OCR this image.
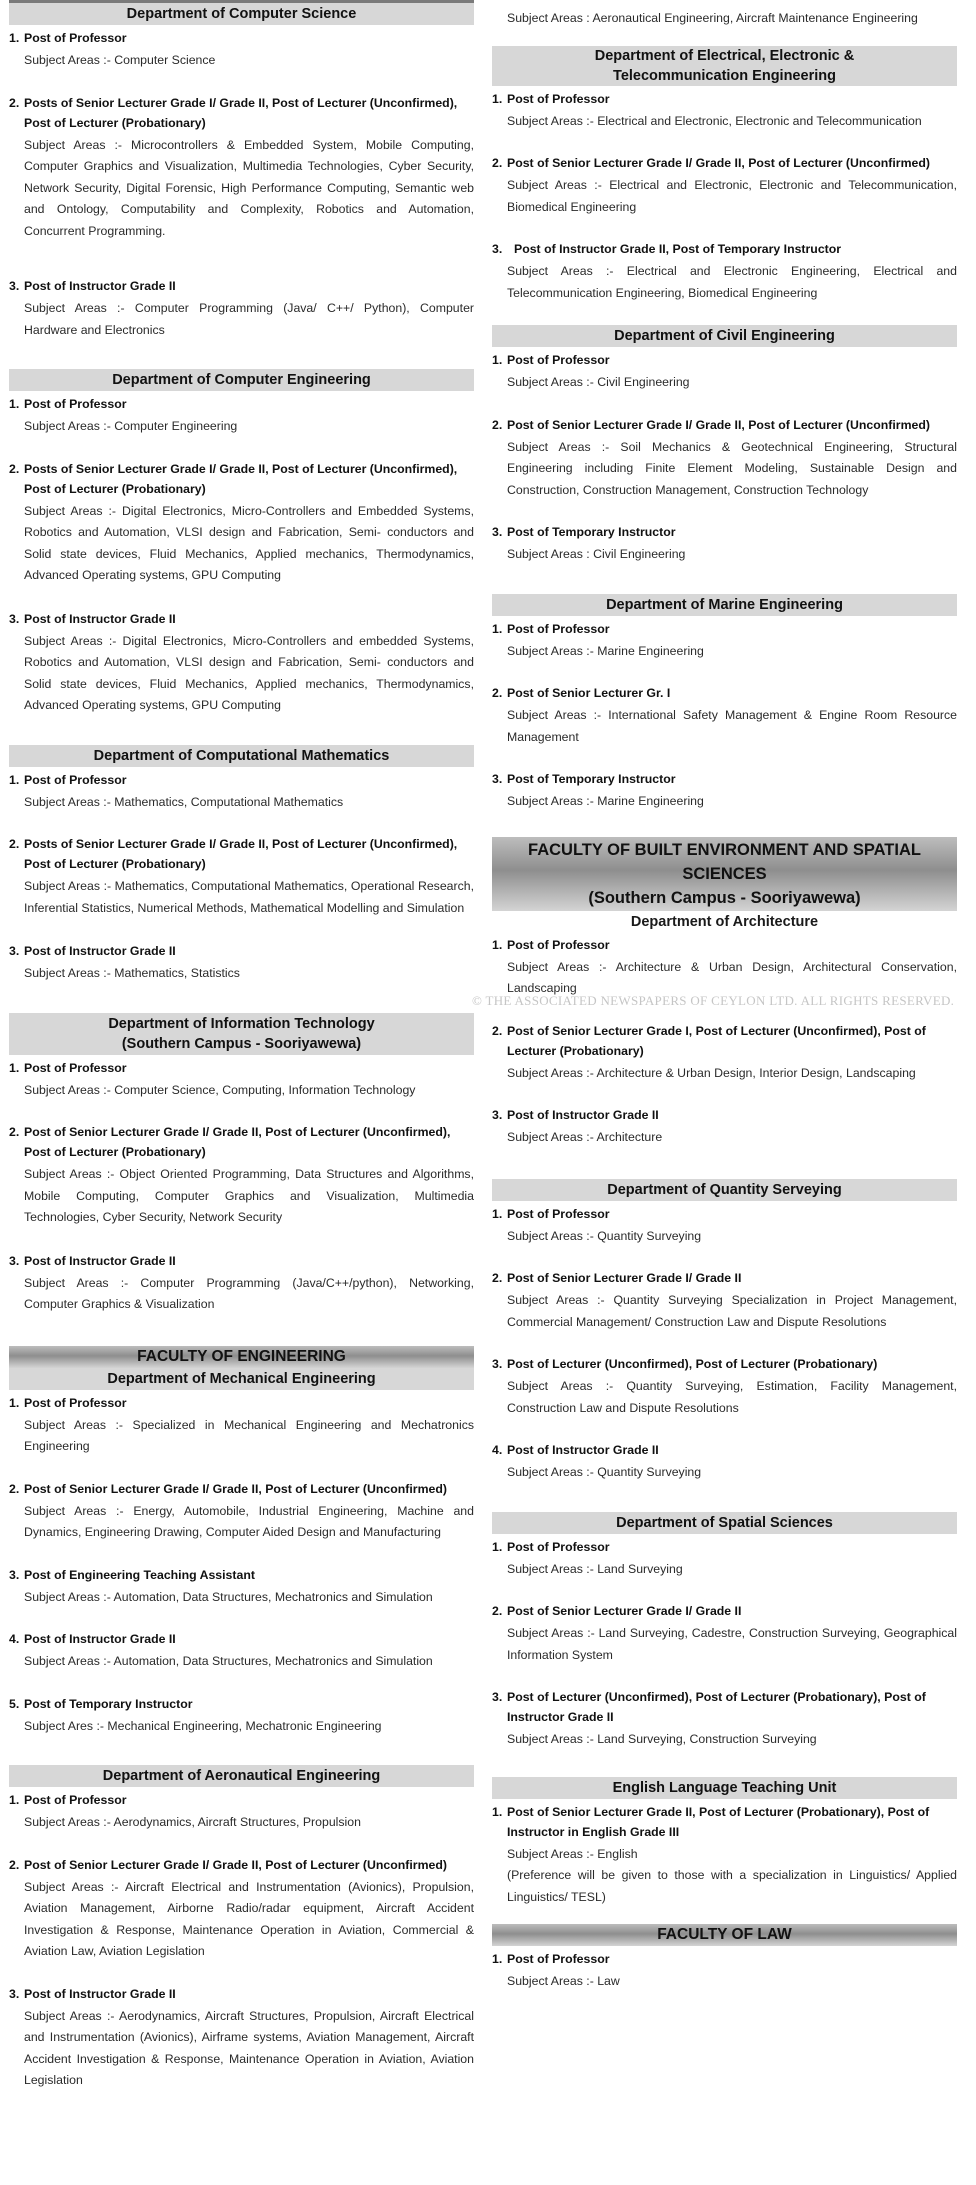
Department of Computer Science
1. Post of Professor
Subject Areas :- Computer Science
2. Posts of Senior Lecturer Grade I/ Grade II, Post of Lecturer (Unconfirmed), Post of Lecturer (Probationary)
Subject Areas :- Microcontrollers & Embedded System, Mobile Computing, Computer Graphics and Visualization, Multimedia Technologies, Cyber Security, Network Security, Digital Forensic, High Performance Computing, Semantic web and Ontology, Computability and Complexity, Robotics and Automation, Concurrent Programming.
3. Post of Instructor Grade II
Subject Areas :- Computer Programming (Java/ C++/ Python), Computer Hardware and Electronics
Department of Computer Engineering
1. Post of Professor
Subject Areas :- Computer Engineering
2. Posts of Senior Lecturer Grade I/ Grade II, Post of Lecturer (Unconfirmed), Post of Lecturer (Probationary)
Subject Areas :- Digital Electronics, Micro-Controllers and Embedded Systems, Robotics and Automation, VLSI design and Fabrication, Semi- conductors and Solid state devices, Fluid Mechanics, Applied mechanics, Thermodynamics, Advanced Operating systems, GPU Computing
3. Post of Instructor Grade II
Subject Areas :- Digital Electronics, Micro-Controllers and embedded Systems, Robotics and Automation, VLSI design and Fabrication, Semi- conductors and Solid state devices, Fluid Mechanics, Applied mechanics, Thermodynamics, Advanced Operating systems, GPU Computing
Department of Computational Mathematics
1. Post of Professor
Subject Areas :- Mathematics, Computational Mathematics
2. Posts of Senior Lecturer Grade I/ Grade II, Post of Lecturer (Unconfirmed), Post of Lecturer (Probationary)
Subject Areas :- Mathematics, Computational Mathematics, Operational Research, Inferential Statistics, Numerical Methods, Mathematical Modelling and Simulation
3. Post of Instructor Grade II
Subject Areas :- Mathematics, Statistics
Department of Information Technology
(Southern Campus - Sooriyawewa)
1. Post of Professor
Subject Areas :- Computer Science, Computing, Information Technology
2. Post of Senior Lecturer Grade I/ Grade II, Post of Lecturer (Unconfirmed), Post of Lecturer (Probationary)
Subject Areas :- Object Oriented Programming, Data Structures and Algorithms, Mobile Computing, Computer Graphics and Visualization, Multimedia Technologies, Cyber Security, Network Security
3. Post of Instructor Grade II
Subject Areas :- Computer Programming (Java/C++/python), Networking, Computer Graphics & Visualization
FACULTY OF ENGINEERING
Department of Mechanical Engineering
1. Post of Professor
Subject Areas :- Specialized in Mechanical Engineering and Mechatronics Engineering
2. Post of Senior Lecturer Grade I/ Grade II, Post of Lecturer (Unconfirmed)
Subject Areas :- Energy, Automobile, Industrial Engineering, Machine and Dynamics, Engineering Drawing, Computer Aided Design and Manufacturing
3. Post of Engineering Teaching Assistant
Subject Areas :- Automation, Data Structures, Mechatronics and Simulation
4. Post of Instructor Grade II
Subject Areas :- Automation, Data Structures, Mechatronics and Simulation
5. Post of Temporary Instructor
Subject Ares :- Mechanical Engineering, Mechatronic Engineering
Department of Aeronautical Engineering
1. Post of Professor
Subject Areas :- Aerodynamics, Aircraft Structures, Propulsion
2. Post of Senior Lecturer Grade I/ Grade II, Post of Lecturer (Unconfirmed)
Subject Areas :- Aircraft Electrical and Instrumentation (Avionics), Propulsion, Aviation Management, Airborne Radio/radar equipment, Aircraft Accident Investigation & Response, Maintenance Operation in Aviation, Commercial & Aviation Law, Aviation Legislation
3. Post of Instructor Grade II
Subject Areas :- Aerodynamics, Aircraft Structures, Propulsion, Aircraft Electrical and Instrumentation (Avionics), Airframe systems, Aviation Management, Aircraft Accident Investigation & Response, Maintenance Operation in Aviation, Aviation Legislation
Subject Areas : Aeronautical Engineering, Aircraft Maintenance Engineering
Department of Electrical, Electronic & Telecommunication Engineering
1. Post of Professor
Subject Areas :- Electrical and Electronic, Electronic and Telecommunication
2. Post of Senior Lecturer Grade I/ Grade II, Post of Lecturer (Unconfirmed)
Subject Areas :- Electrical and Electronic, Electronic and Telecommunication, Biomedical Engineering
3. Post of Instructor Grade II, Post of Temporary Instructor
Subject Areas :- Electrical and Electronic Engineering, Electrical and Telecommunication Engineering, Biomedical Engineering
Department of Civil Engineering
1. Post of Professor
Subject Areas :- Civil Engineering
2. Post of Senior Lecturer Grade I/ Grade II, Post of Lecturer (Unconfirmed)
Subject Areas :- Soil Mechanics & Geotechnical Engineering, Structural Engineering including Finite Element Modeling, Sustainable Design and Construction, Construction Management, Construction Technology
3. Post of Temporary Instructor
Subject Areas : Civil Engineering
Department of Marine Engineering
1. Post of Professor
Subject Areas :- Marine Engineering
2. Post of Senior Lecturer Gr. I
Subject Areas :- International Safety Management & Engine Room Resource Management
3. Post of Temporary Instructor
Subject Areas :- Marine Engineering
FACULTY OF BUILT ENVIRONMENT AND SPATIAL SCIENCES
(Southern Campus - Sooriyawewa)
Department of Architecture
1. Post of Professor
Subject Areas :- Architecture & Urban Design, Architectural Conservation, Landscaping
2. Post of Senior Lecturer Grade I, Post of Lecturer (Unconfirmed), Post of Lecturer (Probationary)
Subject Areas :- Architecture & Urban Design, Interior Design, Landscaping
3. Post of Instructor Grade II
Subject Areas :- Architecture
Department of Quantity Serveying
1. Post of Professor
Subject Areas :- Quantity Surveying
2. Post of Senior Lecturer Grade I/ Grade II
Subject Areas :- Quantity Surveying Specialization in Project Management, Commercial Management/ Construction Law and Dispute Resolutions
3. Post of Lecturer (Unconfirmed), Post of Lecturer (Probationary)
Subject Areas :- Quantity Surveying, Estimation, Facility Management, Construction Law and Dispute Resolutions
4. Post of Instructor Grade II
Subject Areas :- Quantity Surveying
Department of Spatial Sciences
1. Post of Professor
Subject Areas :- Land Surveying
2. Post of Senior Lecturer Grade I/ Grade II
Subject Areas :- Land Surveying, Cadestre, Construction Surveying, Geographical Information System
3. Post of Lecturer (Unconfirmed), Post of Lecturer (Probationary), Post of Instructor Grade II
Subject Areas :- Land Surveying, Construction Surveying
English Language Teaching Unit
1. Post of Senior Lecturer Grade II, Post of Lecturer (Probationary), Post of Instructor in English Grade III
Subject Areas :- English
(Preference will be given to those with a specialization in Linguistics/ Applied Linguistics/ TESL)
FACULTY OF LAW
1. Post of Professor
Subject Areas :- Law
© THE ASSOCIATED NEWSPAPERS OF CEYLON LTD. ALL RIGHTS RESERVED.
